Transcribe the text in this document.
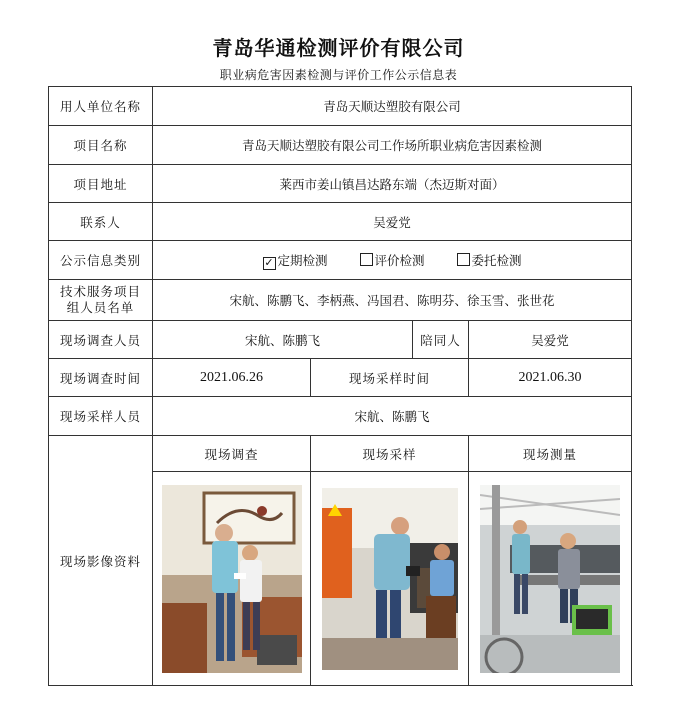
青岛华通检测评价有限公司
职业病危害因素检测与评价工作公示信息表
用人单位名称	青岛天顺达塑胶有限公司			
项目名称	青岛天顺达塑胶有限公司工作场所职业病危害因素检测			
项目地址	莱西市姜山镇昌达路东端（杰迈斯对面）			
联系人	吴爱党			
公示信息类别	✓ 定期检测 评价检测 委托检测			

技术服务项目
组人员名单	宋航、陈鹏飞、李柄燕、冯国君、陈明芬、徐玉雪、张世花			
现场调查人员	宋航、陈鹏飞		陪同人	吴爱党
现场调查时间	2021.06.26	现场采样时间		2021.06.30
现场采样人员	宋航、陈鹏飞			
现场影像资料	现场调查	现场采样		现场测量
